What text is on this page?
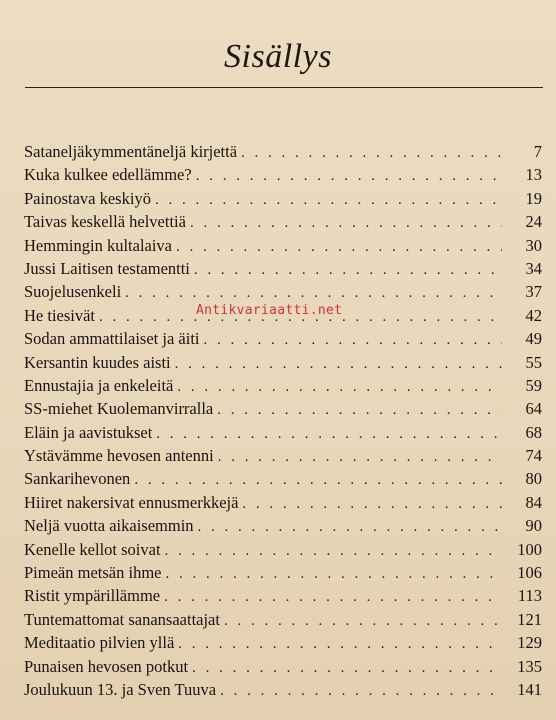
Sisällys
Sataneljäkymmentäneljä kirjettä . . .	7
Kuka kulkee edellämme? . . .	13
Painostava keskiyö . . .	19
Taivas keskellä helvettiä . . .	24
Hemmingin kultalaiva . . .	30
Jussi Laitisen testamentti . . .	34
Suojelusenkeli . . .	37
He tiesivät . . .	42
Sodan ammattilaiset ja äiti . . .	49
Kersantin kuudes aisti . . .	55
Ennustajia ja enkeleitä . . .	59
SS-miehet Kuolemanvirralla . . .	64
Eläin ja aavistukset . . .	68
Ystävämme hevosen antenni . . .	74
Sankarihevonen . . .	80
Hiiret nakersivat ennusmerkkejä . . .	84
Neljä vuotta aikaisemmin . . .	90
Kenelle kellot soivat . . .	100
Pimeän metsän ihme . . .	106
Ristit ympärillämme . . .	113
Tuntemattomat sanansaattajat . . .	121
Meditaatio pilvien yllä . . .	129
Punaisen hevosen potkut . . .	135
Joulukuun 13. ja Sven Tuuva . . .	141
Antikvariaatti.net
